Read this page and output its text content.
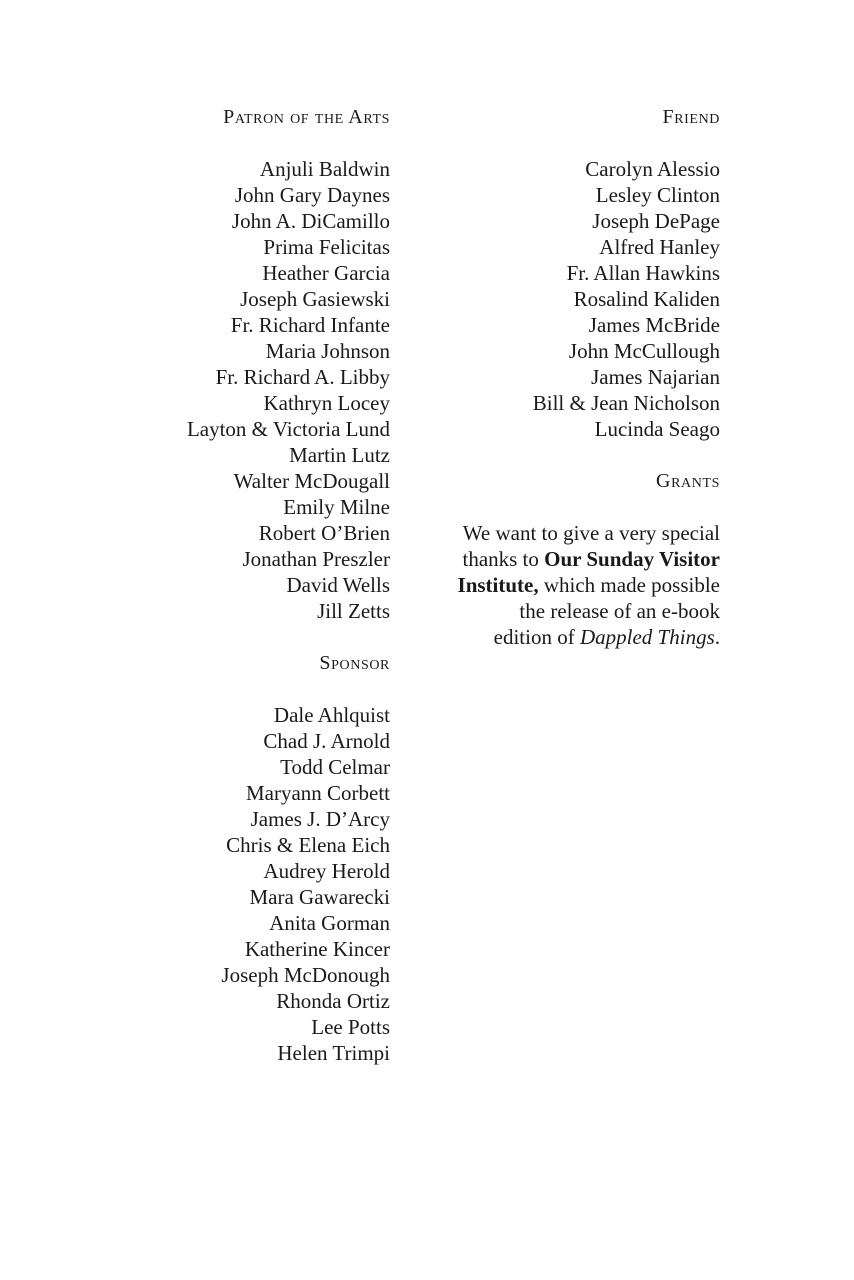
Patron of the Arts
Anjuli Baldwin
John Gary Daynes
John A. DiCamillo
Prima Felicitas
Heather Garcia
Joseph Gasiewski
Fr. Richard Infante
Maria Johnson
Fr. Richard A. Libby
Kathryn Locey
Layton & Victoria Lund
Martin Lutz
Walter McDougall
Emily Milne
Robert O’Brien
Jonathan Preszler
David Wells
Jill Zetts
Sponsor
Dale Ahlquist
Chad J. Arnold
Todd Celmar
Maryann Corbett
James J. D’Arcy
Chris & Elena Eich
Audrey Herold
Mara Gawarecki
Anita Gorman
Katherine Kincer
Joseph McDonough
Rhonda Ortiz
Lee Potts
Helen Trimpi
Friend
Carolyn Alessio
Lesley Clinton
Joseph DePage
Alfred Hanley
Fr. Allan Hawkins
Rosalind Kaliden
James McBride
John McCullough
James Najarian
Bill & Jean Nicholson
Lucinda Seago
Grants

We want to give a very special
thanks to Our Sunday Visitor
Institute, which made possible
the release of an e-book
edition of Dappled Things.
